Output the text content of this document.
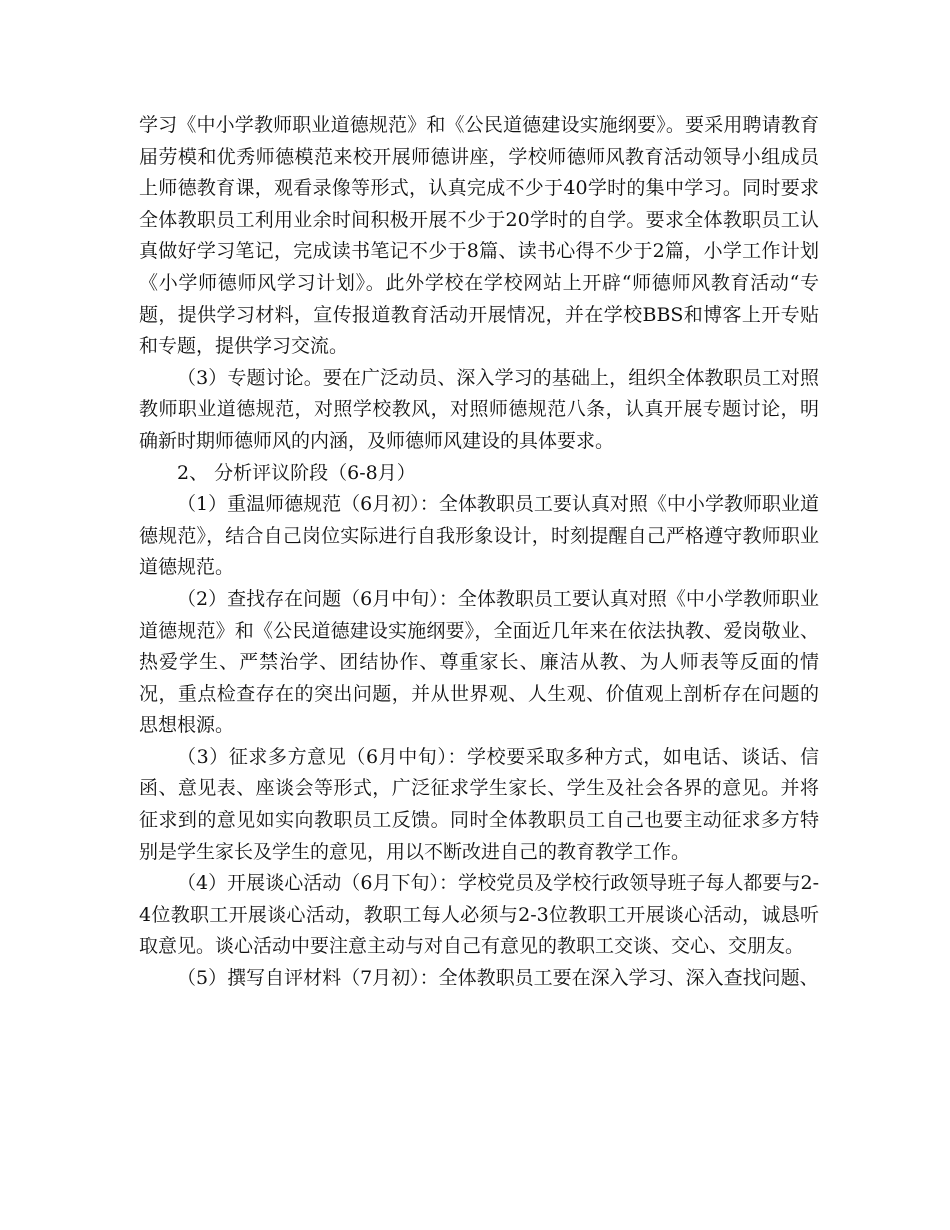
学习《中小学教师职业道德规范》和《公民道德建设实施纲要》。要采用聘请教育届劳模和优秀师德模范来校开展师德讲座，学校师德师风教育活动领导小组成员上师德教育课，观看录像等形式，认真完成不少于40学时的集中学习。同时要求全体教职员工利用业余时间积极开展不少于20学时的自学。要求全体教职员工认真做好学习笔记，完成读书笔记不少于8篇、读书心得不少于2篇，小学工作计划《小学师德师风学习计划》。此外学校在学校网站上开辟“师德师风教育活动“专题，提供学习材料，宣传报道教育活动开展情况，并在学校BBS和博客上开专贴和专题，提供学习交流。

（3）专题讨论。要在广泛动员、深入学习的基础上，组织全体教职员工对照教师职业道德规范，对照学校教风，对照师德规范八条，认真开展专题讨论，明确新时期师德师风的内涵，及师德师风建设的具体要求。

2、 分析评议阶段（6-8月）

（1）重温师德规范（6月初）：全体教职员工要认真对照《中小学教师职业道德规范》，结合自己岗位实际进行自我形象设计，时刻提醒自己严格遵守教师职业道德规范。

（2）查找存在问题（6月中旬）：全体教职员工要认真对照《中小学教师职业道德规范》和《公民道德建设实施纲要》，全面近几年来在依法执教、爱岗敬业、热爱学生、严禁治学、团结协作、尊重家长、廉洁从教、为人师表等反面的情况，重点检查存在的突出问题，并从世界观、人生观、价值观上剖析存在问题的思想根源。

（3）征求多方意见（6月中旬）：学校要采取多种方式，如电话、谈话、信函、意见表、座谈会等形式，广泛征求学生家长、学生及社会各界的意见。并将征求到的意见如实向教职员工反馈。同时全体教职员工自己也要主动征求多方特别是学生家长及学生的意见，用以不断改进自己的教育教学工作。

（4）开展谈心活动（6月下旬）：学校党员及学校行政领导班子每人都要与2-4位教职工开展谈心活动，教职工每人必须与2-3位教职工开展谈心活动，诚恳听取意见。谈心活动中要注意主动与对自己有意见的教职工交谈、交心、交朋友。

（5）撰写自评材料（7月初）：全体教职员工要在深入学习、深入查找问题、
